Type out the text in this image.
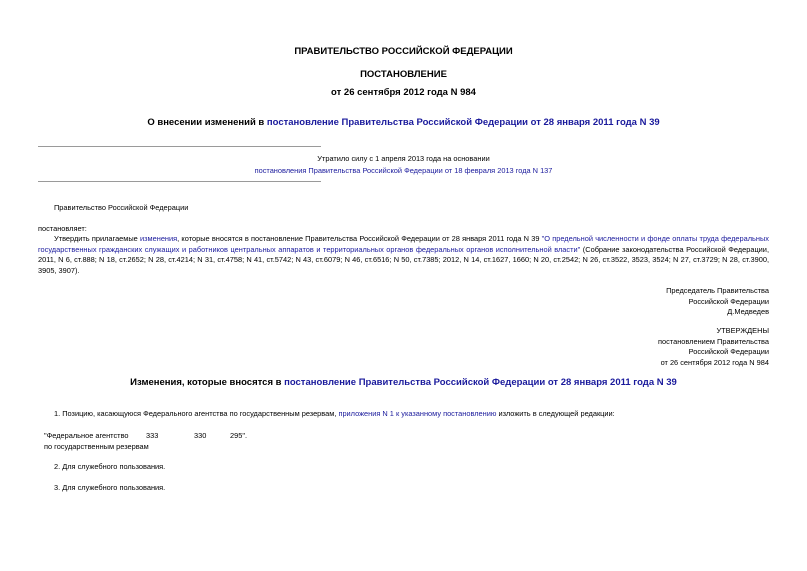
ПРАВИТЕЛЬСТВО РОССИЙСКОЙ ФЕДЕРАЦИИ
ПОСТАНОВЛЕНИЕ
от 26 сентября 2012 года N 984
О внесении изменений в постановление Правительства Российской Федерации от 28 января 2011 года N 39
Утратило силу с 1 апреля 2013 года на основании
постановления Правительства Российской Федерации от 18 февраля 2013 года N 137
Правительство Российской Федерации
постановляет:
Утвердить прилагаемые изменения, которые вносятся в постановление Правительства Российской Федерации от 28 января 2011 года N 39 "О предельной численности и фонде оплаты труда федеральных государственных гражданских служащих и работников центральных аппаратов и территориальных органов федеральных органов исполнительной власти" (Собрание законодательства Российской Федерации, 2011, N 6, ст.888; N 18, ст.2652; N 28, ст.4214; N 31, ст.4758; N 41, ст.5742; N 43, ст.6079; N 46, ст.6516; N 50, ст.7385; 2012, N 14, ст.1627, 1660; N 20, ст.2542; N 26, ст.3522, 3523, 3524; N 27, ст.3729; N 28, ст.3900, 3905, 3907).
Председатель Правительства
Российской Федерации
Д.Медведев
УТВЕРЖДЕНЫ
постановлением Правительства
Российской Федерации
от 26 сентября 2012 года N 984
Изменения, которые вносятся в постановление Правительства Российской Федерации от 28 января 2011 года N 39
1. Позицию, касающуюся Федерального агентства по государственным резервам, приложения N 1 к указанному постановлению изложить в следующей редакции:
"Федеральное агентство
по государственным резервам
333	330	295".
2. Для служебного пользования.
3. Для служебного пользования.
